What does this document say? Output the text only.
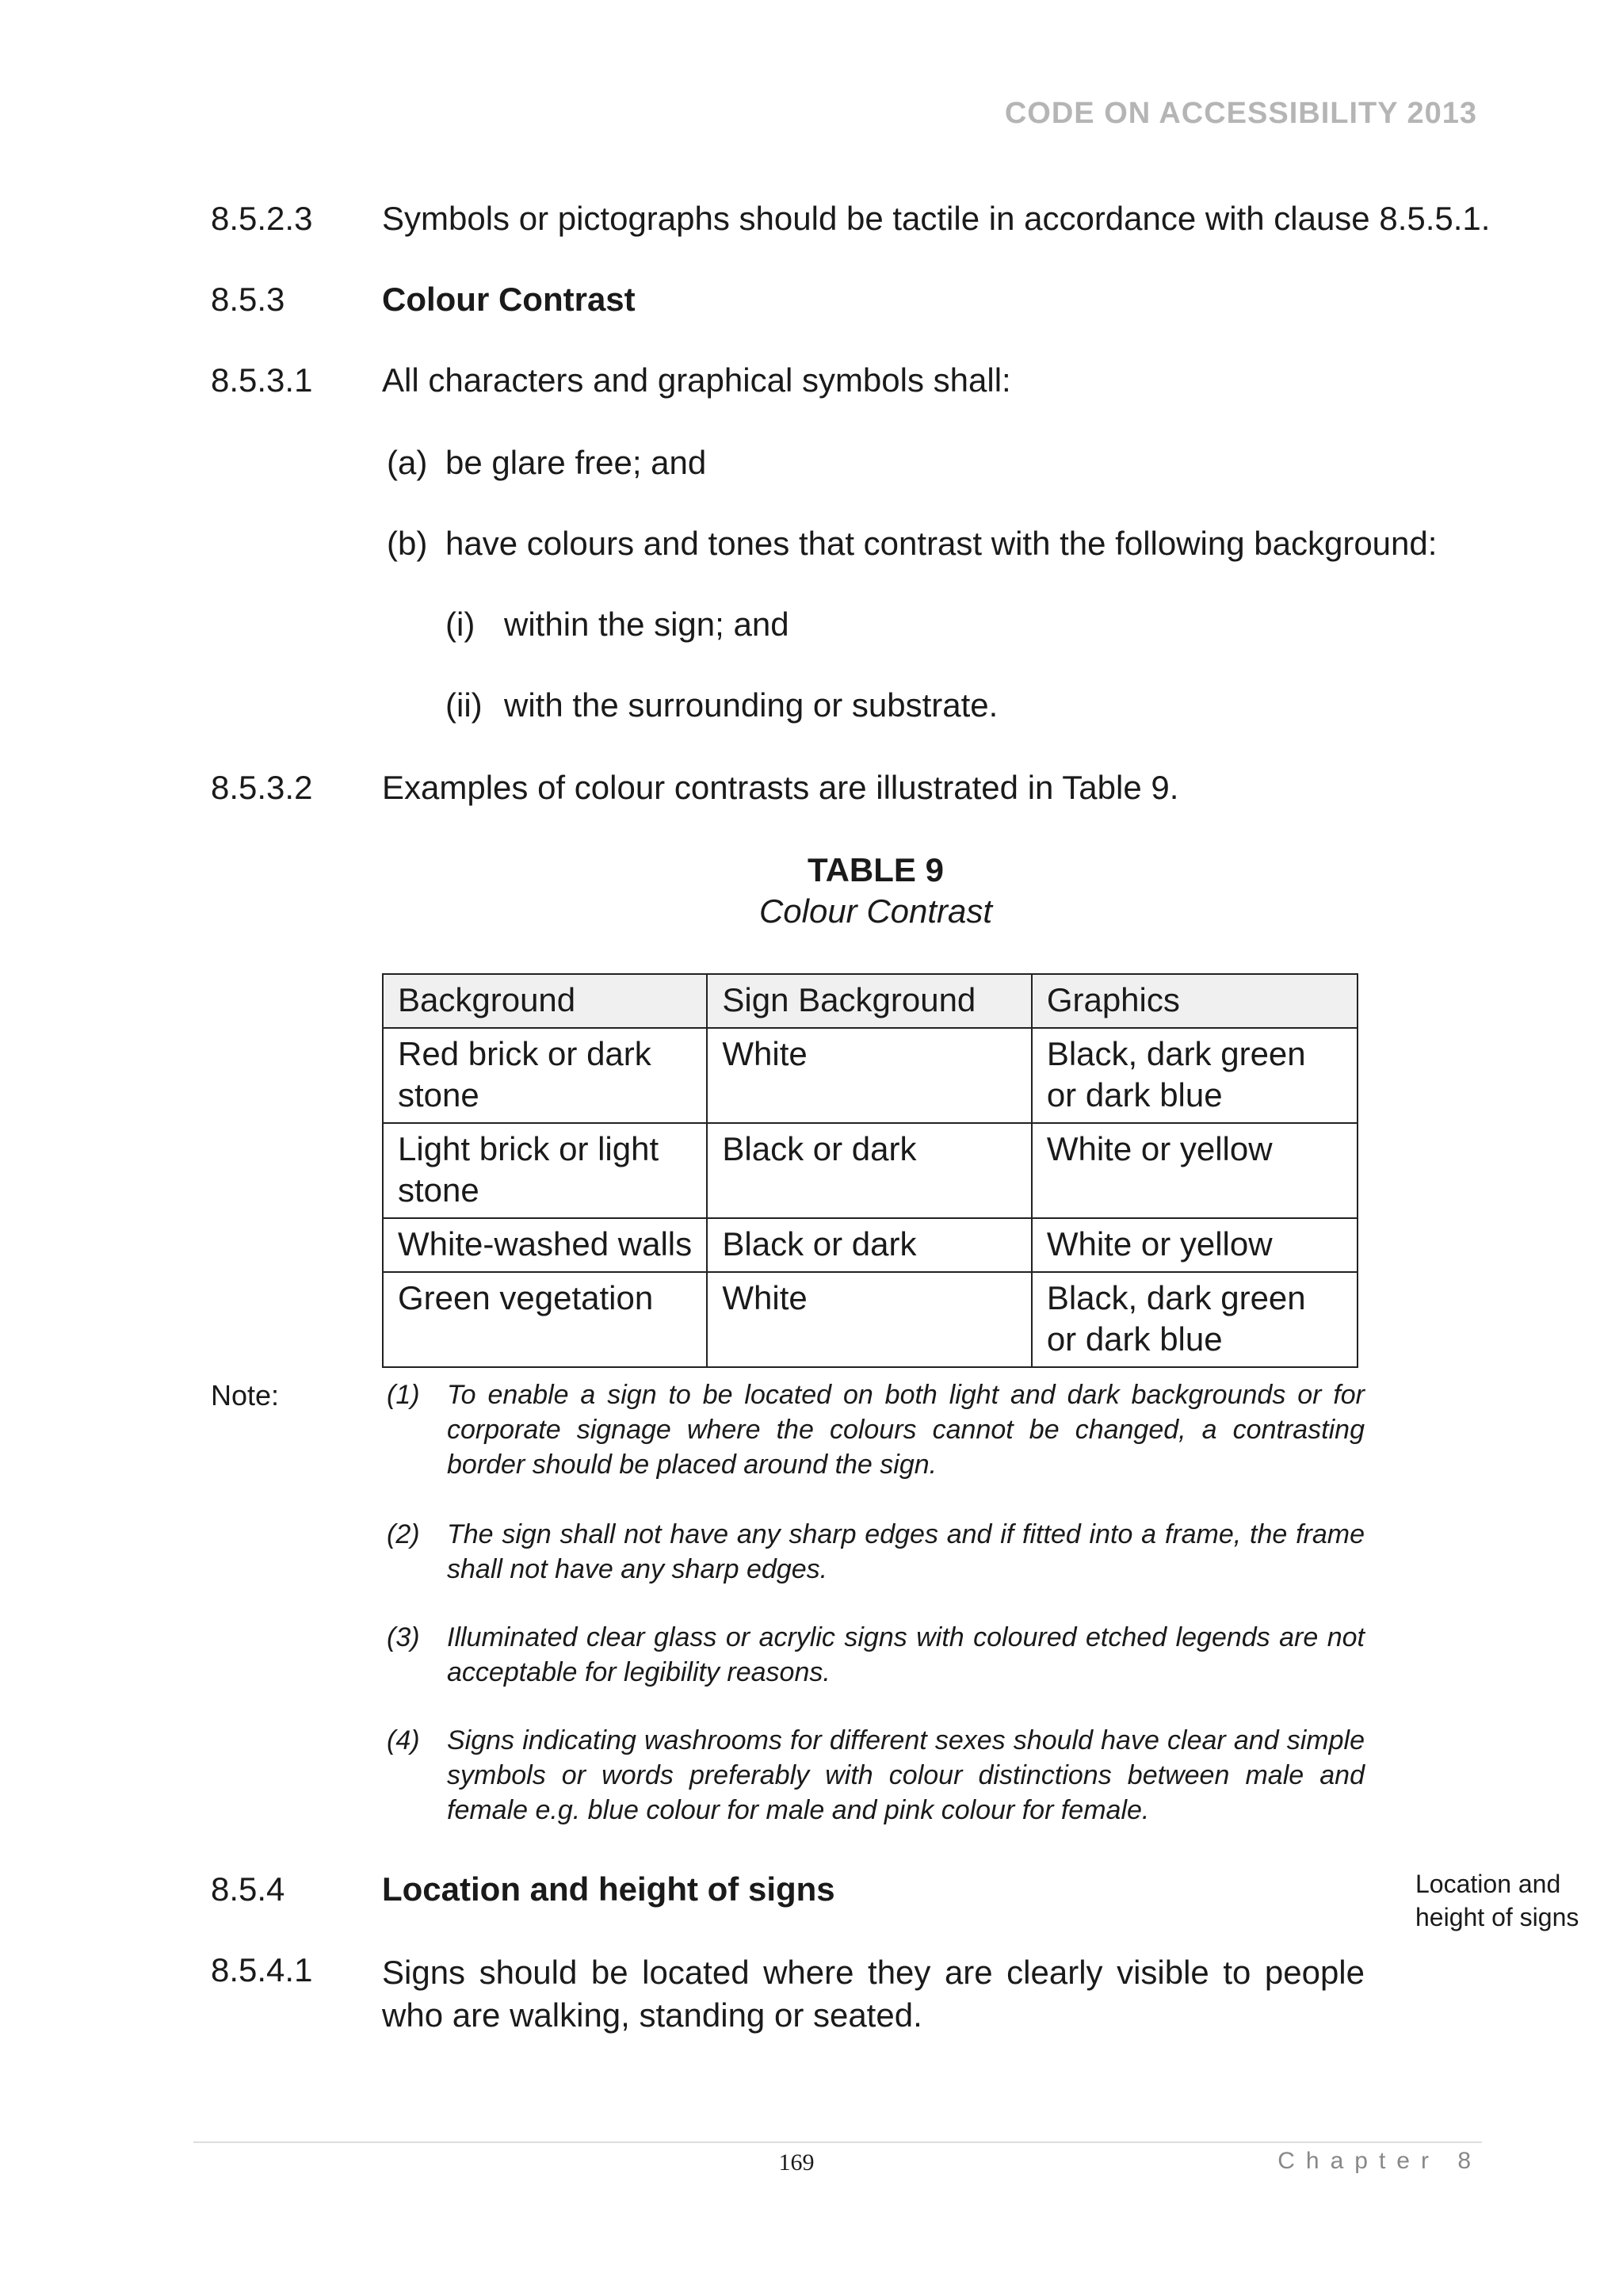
CODE ON ACCESSIBILITY 2013
8.5.2.3 Symbols or pictographs should be tactile in accordance with clause 8.5.5.1.
8.5.3	Colour Contrast
8.5.3.1 All characters and graphical symbols shall:
(a) be glare free; and
(b) have colours and tones that contrast with the following background:
(i) within the sign; and
(ii) with the surrounding or substrate.
8.5.3.2 Examples of colour contrasts are illustrated in Table 9.
TABLE 9
Colour Contrast
Background	Sign Background	Graphics
Red brick or dark stone	White	Black, dark green or dark blue
Light brick or light stone	Black or dark	White or yellow
White-washed walls	Black or dark	White or yellow
Green vegetation	White	Black, dark green or dark blue
Note:	(1) To enable a sign to be located on both light and dark backgrounds or for corporate signage where the colours cannot be changed, a contrasting border should be placed around the sign.
(2) The sign shall not have any sharp edges and if fitted into a frame, the frame shall not have any sharp edges.
(3) Illuminated clear glass or acrylic signs with coloured etched legends are not acceptable for legibility reasons.
(4) Signs indicating washrooms for different sexes should have clear and simple symbols or words preferably with colour distinctions between male and female e.g. blue colour for male and pink colour for female.
8.5.4	Location and height of signs	Location and height of signs
8.5.4.1 Signs should be located where they are clearly visible to people who are walking, standing or seated.
169	Chapter 8
